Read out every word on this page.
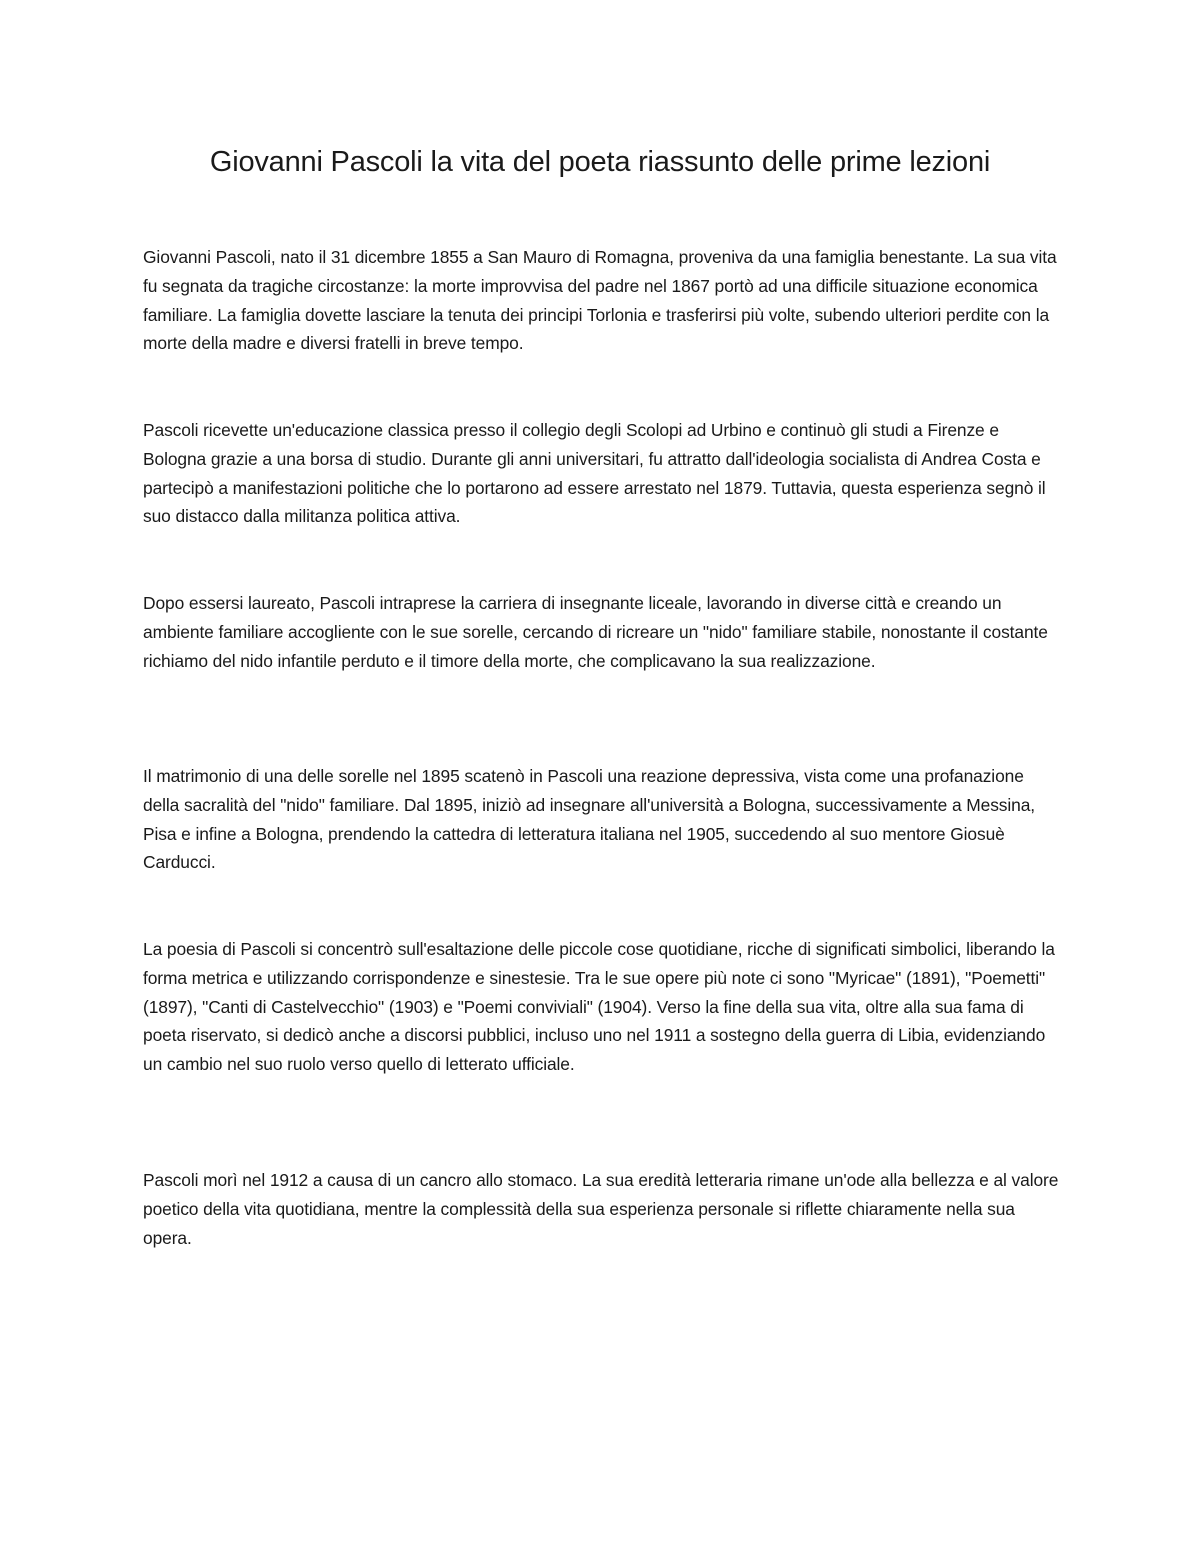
Giovanni Pascoli la vita del poeta riassunto delle prime lezioni

Giovanni Pascoli, nato il 31 dicembre 1855 a San Mauro di Romagna, proveniva da una famiglia benestante. La sua vita fu segnata da tragiche circostanze: la morte improvvisa del padre nel 1867 portò ad una difficile situazione economica familiare. La famiglia dovette lasciare la tenuta dei principi Torlonia e trasferirsi più volte, subendo ulteriori perdite con la morte della madre e diversi fratelli in breve tempo.

Pascoli ricevette un'educazione classica presso il collegio degli Scolopi ad Urbino e continuò gli studi a Firenze e Bologna grazie a una borsa di studio. Durante gli anni universitari, fu attratto dall'ideologia socialista di Andrea Costa e partecipò a manifestazioni politiche che lo portarono ad essere arrestato nel 1879. Tuttavia, questa esperienza segnò il suo distacco dalla militanza politica attiva.

Dopo essersi laureato, Pascoli intraprese la carriera di insegnante liceale, lavorando in diverse città e creando un ambiente familiare accogliente con le sue sorelle, cercando di ricreare un "nido" familiare stabile, nonostante il costante richiamo del nido infantile perduto e il timore della morte, che complicavano la sua realizzazione.

Il matrimonio di una delle sorelle nel 1895 scatenò in Pascoli una reazione depressiva, vista come una profanazione della sacralità del "nido" familiare. Dal 1895, iniziò ad insegnare all'università a Bologna, successivamente a Messina, Pisa e infine a Bologna, prendendo la cattedra di letteratura italiana nel 1905, succedendo al suo mentore Giosuè Carducci.

La poesia di Pascoli si concentrò sull'esaltazione delle piccole cose quotidiane, ricche di significati simbolici, liberando la forma metrica e utilizzando corrispondenze e sinestesie. Tra le sue opere più note ci sono "Myricae" (1891), "Poemetti" (1897), "Canti di Castelvecchio" (1903) e "Poemi conviviali" (1904). Verso la fine della sua vita, oltre alla sua fama di poeta riservato, si dedicò anche a discorsi pubblici, incluso uno nel 1911 a sostegno della guerra di Libia, evidenziando un cambio nel suo ruolo verso quello di letterato ufficiale.

Pascoli morì nel 1912 a causa di un cancro allo stomaco. La sua eredità letteraria rimane un'ode alla bellezza e al valore poetico della vita quotidiana, mentre la complessità della sua esperienza personale si riflette chiaramente nella sua opera.
